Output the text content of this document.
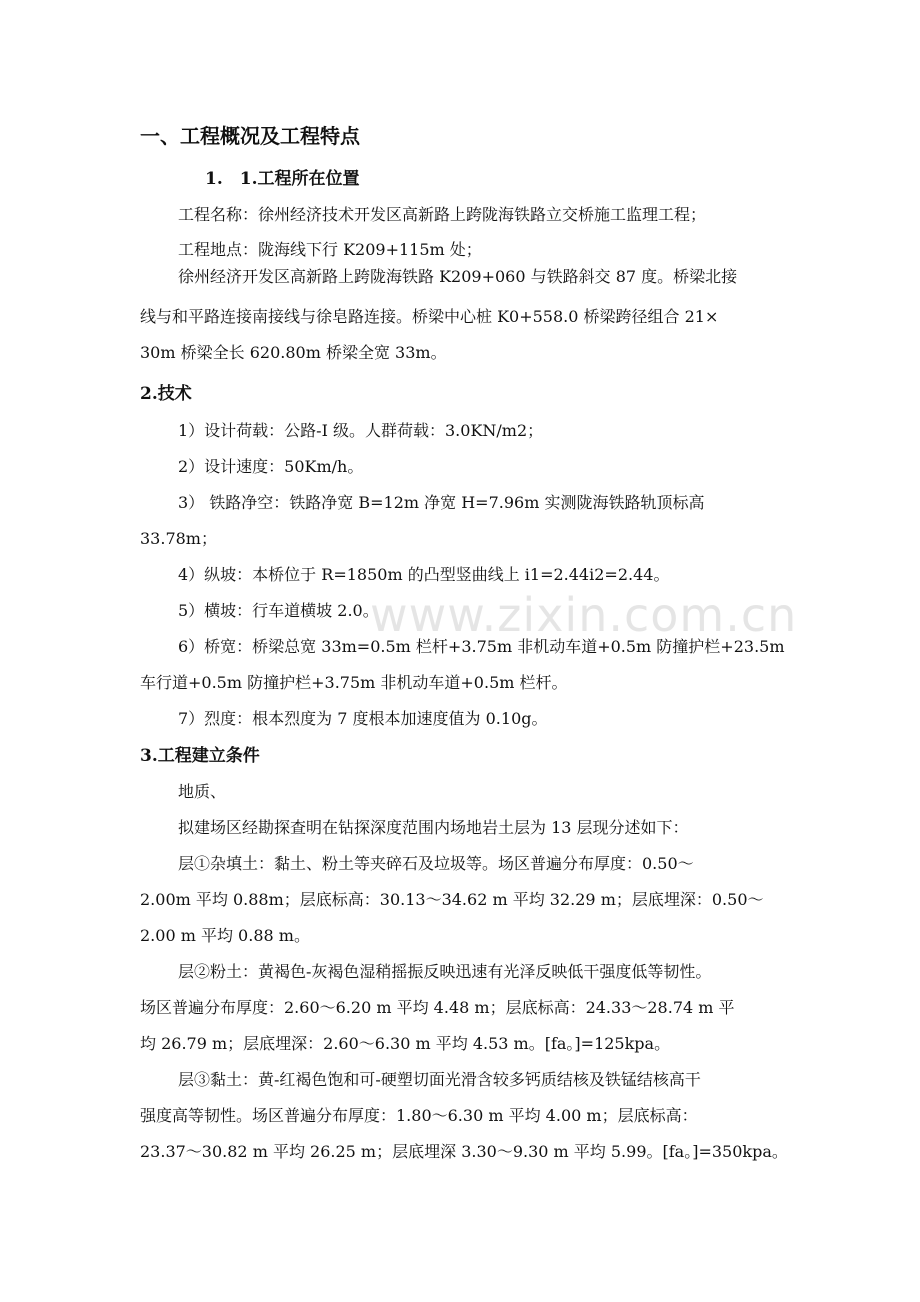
www.zixin.com.cn
一、工程概况及工程特点
1.　1.工程所在位置
工程名称：徐州经济技术开发区高新路上跨陇海铁路立交桥施工监理工程；
工程地点：陇海线下行 K209+115m 处；
徐州经济开发区高新路上跨陇海铁路 K209+060 与铁路斜交 87 度。桥梁北接
线与和平路连接南接线与徐皂路连接。桥梁中心桩 K0+558.0 桥梁跨径组合 21×
30m 桥梁全长 620.80m 桥梁全宽 33m。
2.技术
1）设计荷载：公路-I 级。人群荷载：3.0KN/m2；
2）设计速度：50Km/h。
3） 铁路净空：铁路净宽 B=12m 净宽 H=7.96m 实测陇海铁路轨顶标高
33.78m；
4）纵坡：本桥位于 R=1850m 的凸型竖曲线上 i1=2.44i2=2.44。
5）横坡：行车道横坡 2.0。
6）桥宽：桥梁总宽 33m=0.5m 栏杆+3.75m 非机动车道+0.5m 防撞护栏+23.5m
车行道+0.5m 防撞护栏+3.75m 非机动车道+0.5m 栏杆。
7）烈度：根本烈度为 7 度根本加速度值为 0.10g。
3.工程建立条件
地质、
拟建场区经勘探查明在钻探深度范围内场地岩土层为 13 层现分述如下：
层①杂填土：黏土、粉土等夹碎石及垃圾等。场区普遍分布厚度：0.50～
2.00m 平均 0.88m；层底标高：30.13～34.62 m 平均 32.29 m；层底埋深：0.50～
2.00 m 平均 0.88 m。
层②粉土：黄褐色-灰褐色湿稍摇振反映迅速有光泽反映低干强度低等韧性。
场区普遍分布厚度：2.60～6.20 m 平均 4.48 m；层底标高：24.33～28.74 m 平
均 26.79 m；层底埋深：2.60～6.30 m 平均 4.53 m。[fa。]=125kpa。
层③黏土：黄-红褐色饱和可-硬塑切面光滑含较多钙质结核及铁锰结核高干
强度高等韧性。场区普遍分布厚度：1.80～6.30 m 平均 4.00 m；层底标高：
23.37～30.82 m 平均 26.25 m；层底埋深 3.30～9.30 m 平均 5.99。[fa。]=350kpa。
